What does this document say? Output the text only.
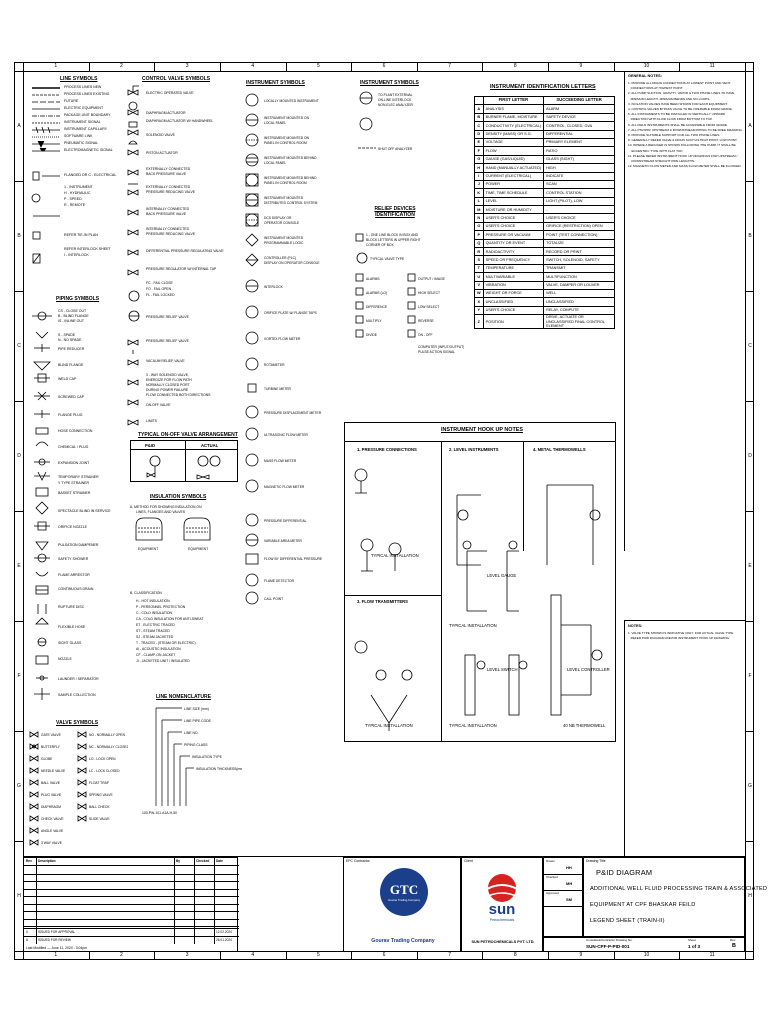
1
1
2
2
3
3
4
4
5
5
6
6
7
7
8
8
9
9
10
10
11
11
A	A
B	B
C	C
D	D
E	E
F	F
G	G
H	H
LINE SYMBOLS
PROCESS LINES NEW
PROCESS LINES EXISTING
FUTURE
ELECTRIC EQUIPMENT
PACKAGE UNIT BOUNDARY
INSTRUMENT SIGNAL
INSTRUMENT CAPILLARY
SOFTWARE LINK
PNEUMATIC SIGNAL
ELECTROMAGNETIC SIGNAL
FLANGED OR C - ELECTRICAL
1 - INSTRUMENT
H - HYDRAULIC
P - SPEED
R - REMOTE
REFER TIE-IN PLAN
REFER INTERLOCK SHEET
I - INTERLOCK
PIPING SYMBOLS
CS - CLOSE OUT
B - BLIND FLANGE
IS - INLINE OUT
S - SPADE
N - NO SPADE
PIPE REDUCER
BLIND FLANGE
WELD CAP
SCREWED CAP
FLANGE PLUG
HOSE CONNECTION
CHEMICAL / PLUG
EXPANSION JOINT
TEMPORARY STRAINER
Y TYPE STRAINER
BASKET STRAINER
SPECTACLE BLIND IN SERVICE
ORIFICE NOZZLE
PULSATION DAMPENER
SAFETY SHOWER
FLAME ARRESTOR
CONTINUOUS DRAIN
RUPTURE DISC
FLEXIBLE HOSE
SIGHT GLASS
NOZZLE
LAUNDER / SEPARATOR
SAMPLE COLLECTION
VALVE SYMBOLS
GATE VALVE
BUTTERFLY
GLOBE
NEEDLE VALVE
BALL VALVE
PLUG VALVE
DIAPHRAGM
CHECK VALVE
ANGLE VALVE
3 WAY VALVE
NO - NORMALLY OPEN
NC - NORMALLY CLOSED
LO - LOCK OPEN
LC - LOCK CLOSED
FLOAT TRAP
SPRING VALVE
BALL CHECK
SLIDE VALVE
CONTROL VALVE SYMBOLS
ELECTRIC OPERATED VALVE
DIAPHRAGM ACTUATOR
DIAPHRAGM ACTUATOR W/ HANDWHEEL
SOLENOID VALVE
PISTON ACTUATOR
EXTERNALLY CONNECTED
BACK PRESSURE VALVE
EXTERNALLY CONNECTED
PRESSURE REDUCING VALVE
INTERNALLY CONNECTED
BACK PRESSURE VALVE
INTERNALLY CONNECTED
PRESSURE REDUCING VALVE
DIFFERENTIAL PRESSURE REGULATING VALVE
PRESSURE REGULATOR W/ INTERNAL TAP
FC - FAIL CLOSE
FO - FAIL OPEN
FL - FAIL LOCKED
PRESSURE RELIEF VALVE
PRESSURE RELIEF VALVE
VACUUM RELIEF VALVE
3 - WAY SOLENOID VALVE,
ENERGIZE FOR FLOW PATH
NORMALLY CLOSED PORT
DURING POWER FAILURE
FLOW CONNECTED BOTH DIRECTIONS
ON-OFF VALVE
LIMITS
TYPICAL ON-OFF VALVE ARRANGEMENT
P&ID	ACTUAL
INSULATION SYMBOLS
A. METHOD FOR SHOWING INSULATION ON
LINES, FLANGES AND VALVES
EQUIPMENT	EQUIPMENT
B. CLASSIFICATION
H - HOT INSULATION
P - PERSONNEL PROTECTION
C - COLD INSULATION
CA - COLD INSULATION FOR ANTI-SWEAT
ET - ELECTRIC TRACED
ST - STEAM TRACED
SJ - STEAM JACKETED
T - TRACED - (STEAM OR ELECTRIC)
AI - ACOUSTIC INSULATION
CF - CLAMP-ON JACKET
JI - JACKETED UNIT / INSULATED
LINE NOMENCLATURE
LINE SIZE (mm)
LINE PIPE CODE
LINE NO.
PIPING CLASS
INSULATION TYPE
INSULATION THICKNESS(mm)
100-PW-101-A1A-H-50
INSTRUMENT SYMBOLS
LOCALLY MOUNTED INSTRUMENT
INSTRUMENT MOUNTED ON
LOCAL PANEL
INSTRUMENT MOUNTED ON
PANEL IN CONTROL ROOM
INSTRUMENT MOUNTED BEHIND
LOCAL PANEL
INSTRUMENT MOUNTED BEHIND
PANEL IN CONTROL ROOM
INSTRUMENT MOUNTED
DISTRIBUTED CONTROL SYSTEM
DCS DISPLAY OR
OPERATOR CONSOLE
INSTRUMENT MOUNTED
PROGRAMMABLE LOGIC
CONTROLLER (PLC)
DISPLAY ON OPERATOR CONSOLE
INTERLOCK
ORIFICE PLATE W/ FLANGE TAPS
VORTEX FLOW METER
ROTAMETER
TURBINE METER
PRESSURE DISPLACEMENT METER
ULTRASONIC FLOW METER
MASS FLOW METER
MAGNETIC FLOW METER
PRESSURE DIFFERENTIAL
VARIABLE AREA METER
FLOW BY DIFFERENTIAL PRESSURE
FLAME DETECTOR
CALL POINT
INSTRUMENT SYMBOLS
TO-PLANT EXTERNAL
ON-LINE INTERLOCK
NON-ELEC ANALYZER
SHUT OFF ANALYZER
RELIEF DEVICES IDENTIFICATION
1 - ONE LINE BLOCK IN BOX AND
BLOCK LETTERS IN UPPER RIGHT
CORNER OF BOX
TYPICAL VALVE TYPE
ALARMS	OUTPUT / IMAGE
ALARMS (LO)	HIGH SELECT
DIFFERENCE	LOW SELECT
MULTIPLY	REVERSE
DIVIDE	ON - OFF
COMPUTER (INPUT/OUTPUT)
PULSE ACTION SIGNAL
INSTRUMENT IDENTIFICATION LETTERS
	FIRST LETTER	SUCCEEDING LETTER
A	ANALYSIS	ALARM
B	BURNER FLAME, MOISTURE	SAFETY DEVICE
C	CONDUCTIVITY (ELECTRICAL)	CONTROL, CLOSED, GVA
D	DENSITY (MASS) OR S.G.	DIFFERENTIAL
E	VOLTAGE	PRIMARY ELEMENT
F	FLOW	RATIO
G	GAUGE (GAS/LIQUID)	GLASS (SIGHT)
H	HAND (MANUALLY ACTUATED)	HIGH
I	CURRENT (ELECTRICAL)	INDICATE
J	POWER	SCAN
K	TIME, TIME SCHEDULE	CONTROL STATION
L	LEVEL	LIGHT (PILOT), LOW
M	MOISTURE OR HUMIDITY	-
N	USER'S CHOICE	USER'S CHOICE
O	USER'S CHOICE	ORIFICE (RESTRICTION) OPEN
P	PRESSURE OR VACUUM	POINT (TEST CONNECTION)
Q	QUANTITY OR EVENT	TOTALIZE
R	RADIOACTIVITY	RECORD OR PRINT
S	SPEED OR FREQUENCY	SWITCH, SOLENOID, SAFETY
T	TEMPERATURE	TRANSMIT
U	MULTIVARIABLE	MULTIFUNCTION
V	VIBRATION	VALVE, DAMPER OR LOUVER
W	WEIGHT OR FORCE	WELL
X	UNCLASSIFIED	UNCLASSIFIED
Y	USER'S CHOICE	RELAY, COMPUTE
Z	POSITION	DRIVE, ACTUATE OR UNCLASSIFIED FINAL CONTROL ELEMENT
GENERAL NOTES:
1. PROVIDE ALL DRAIN CONNECTIONS AT LOWEST POINT AND VENT
CONNECTIONS AT HIGHEST POINT.
2. ALL PUMP SUCTION, GRAVITY, VAPOR & TWO PHASE LINES TO HAVE
MINIMUM LENGTH, MINIMUM BENDS AND NO LOOPS.
3. ISOLATION VALVES HAVE BEEN SHOWN FOR EACH EQUIPMENT.
4. CONTROL VALVES BYPASS VALVE TO BE OPERABLE FROM GRADE.
5. ALL INSTRUMENTS TO BE INSTALLED IN VERTICALLY UPWARD
DIRECTION WITH FLUID FLOW FROM BOTTOM TO TOP.
6. ALL FIELD INSTRUMENTS SHALL BE ACCESSIBLE FROM GRADE.
7. ALL PSV/PRV UPSTREAM & DOWNSTREAM PIPING TO BE FREE DRAINING.
8. PROVIDE SUITABLE SUPPORT FOR ALL TWO PHASE LINES.
9. GENERALLY REFER VALVE & DRAIN SUCH AS HIGH POINT, LOW POINT.
10. WHERE A REDUCER IS SHOWN FOLLOWING THE PUMP, IT SHALL BE
ECCENTRIC TYPE WITH FLAT TOP.
11. PLEASE REFER INSTRUMENT HOOK UP DRAWINGS FOR UPSTREAM /
DOWNSTREAM STRAIGHT PIPE LENGTHS.
12. MAGNETIC FLOW METER AND MASS FLOW METER SHALL BE FLOODED.
NOTES:
1. VALVE TYPE SHOWN IS INDICATIVE ONLY. FOR ACTUAL VALVE TYPE
REFER P&ID DIAGRAM AND/OR INSTRUMENT HOOK UP DRAWING.
INSTRUMENT HOOK UP NOTES
1. PRESSURE CONNECTIONS	2. LEVEL INSTRUMENTS	4. METAL THERMOWELLS
3. FLOW TRANSMITTERS
TYPICAL INSTALLATION
TYPICAL INSTALLATION
TYPICAL INSTALLATION
TYPICAL INSTALLATION
LEVEL GAUGE
LEVEL SWITCH	LEVEL CONTROLLER
40 NB THERMOWELL
Rev Description	By	Checked Date
0	ISSUED FOR APPROVAL	12.02.2024
A	ISSUED FOR REVIEW	26.01.2024
Last Modified — June 11, 2024 - 3:04pm
EPC Contractor
GTC
Gourav Trading Company
Gourav Trading Company
Client
sun
Petrochemicals
SUN PETROCHEMICALS PVT. LTD.
Drawn
HH
Checked
MH
Approved
SM
Drawing Title
P&ID DIAGRAM
ADDITIONAL WELL FLUID PROCESSING TRAIN & ASSOCIATED
EQUIPMENT AT CPF BHASKAR FEILD
LEGEND SHEET (TRAIN-II)
Consultant/Contractor Drawing No.
SUN-CPF-P-PID-001
Sheet
1 of 3
Rev
B
